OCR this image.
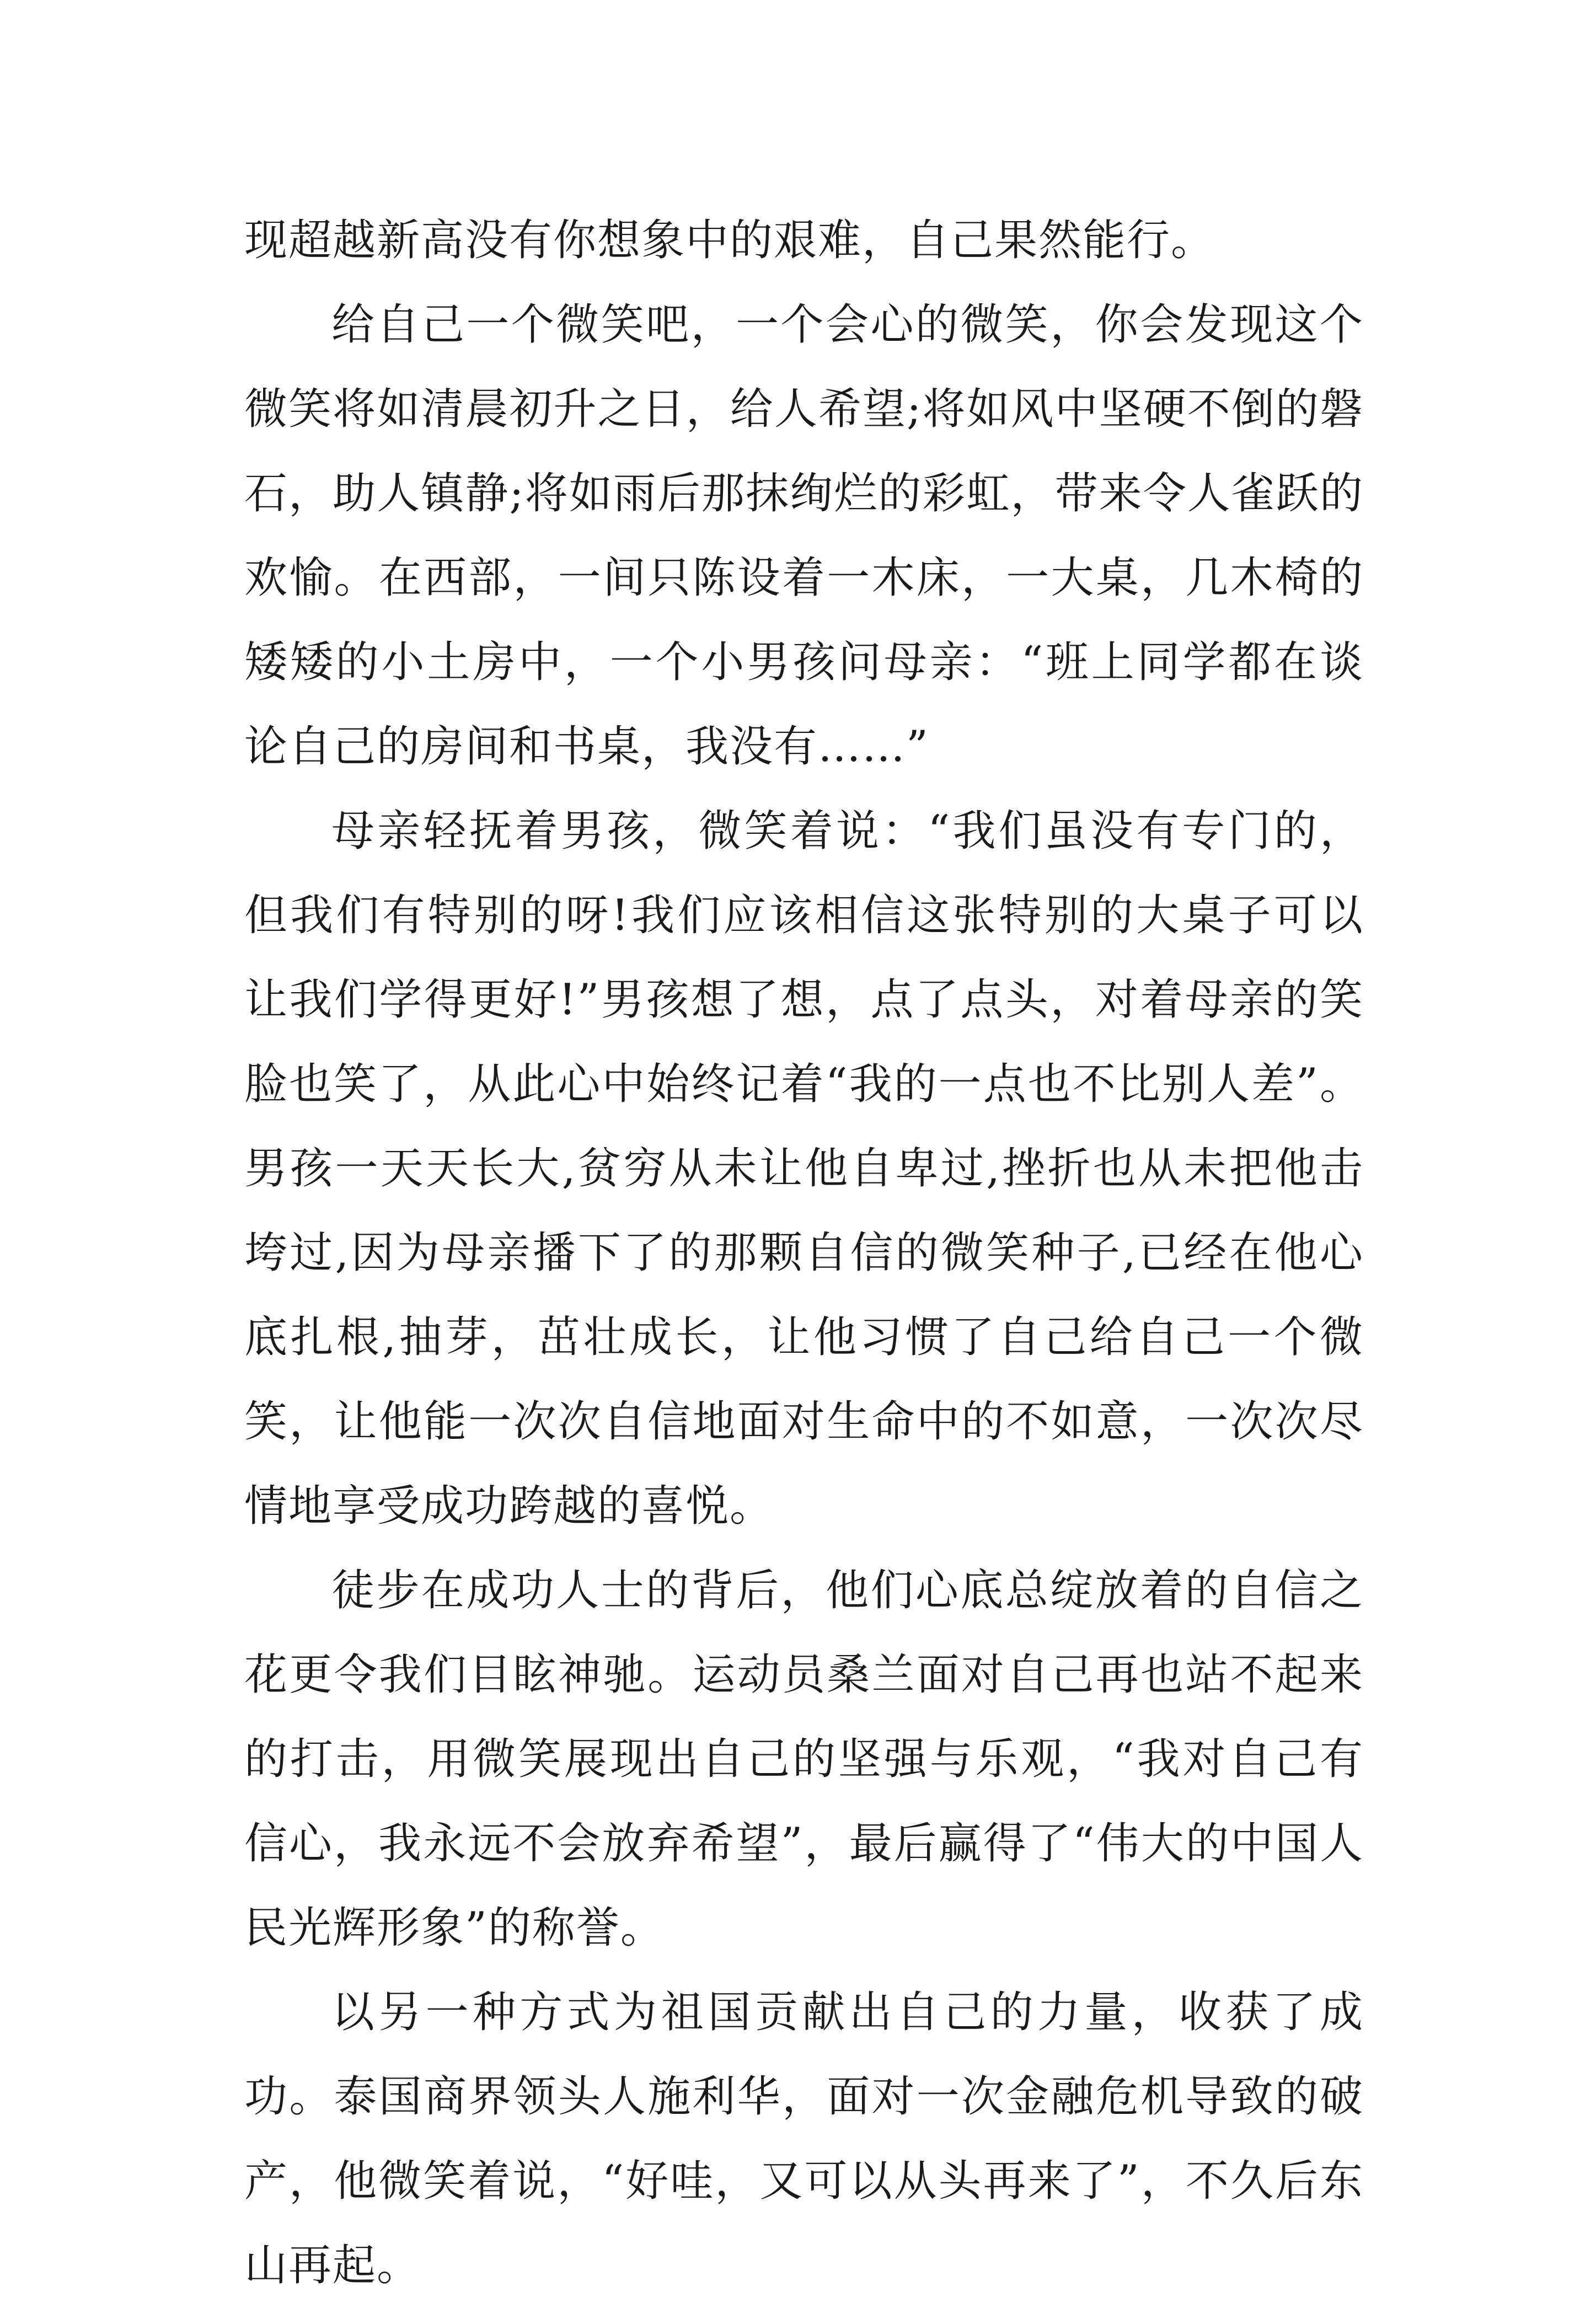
现超越新高没有你想象中的艰难，自己果然能行。

给自己一个微笑吧，一个会心的微笑，你会发现这个微笑将如清晨初升之日，给人希望;将如风中坚硬不倒的磐石，助人镇静;将如雨后那抹绚烂的彩虹，带来令人雀跃的欢愉。在西部，一间只陈设着一木床，一大桌，几木椅的矮矮的小土房中，一个小男孩问母亲：“班上同学都在谈论自己的房间和书桌，我没有……”

母亲轻抚着男孩，微笑着说：“我们虽没有专门的，但我们有特别的呀!我们应该相信这张特别的大桌子可以让我们学得更好!”男孩想了想，点了点头，对着母亲的笑脸也笑了，从此心中始终记着“我的一点也不比别人差”。男孩一天天长大,贫穷从未让他自卑过,挫折也从未把他击垮过,因为母亲播下了的那颗自信的微笑种子,已经在他心底扎根,抽芽，茁壮成长，让他习惯了自己给自己一个微笑，让他能一次次自信地面对生命中的不如意，一次次尽情地享受成功跨越的喜悦。

徒步在成功人士的背后，他们心底总绽放着的自信之花更令我们目眩神驰。运动员桑兰面对自己再也站不起来的打击，用微笑展现出自己的坚强与乐观，“我对自己有信心，我永远不会放弃希望”，最后赢得了“伟大的中国人民光辉形象”的称誉。

以另一种方式为祖国贡献出自己的力量，收获了成功。泰国商界领头人施利华，面对一次金融危机导致的破产，他微笑着说，“好哇，又可以从头再来了”，不久后东山再起。
